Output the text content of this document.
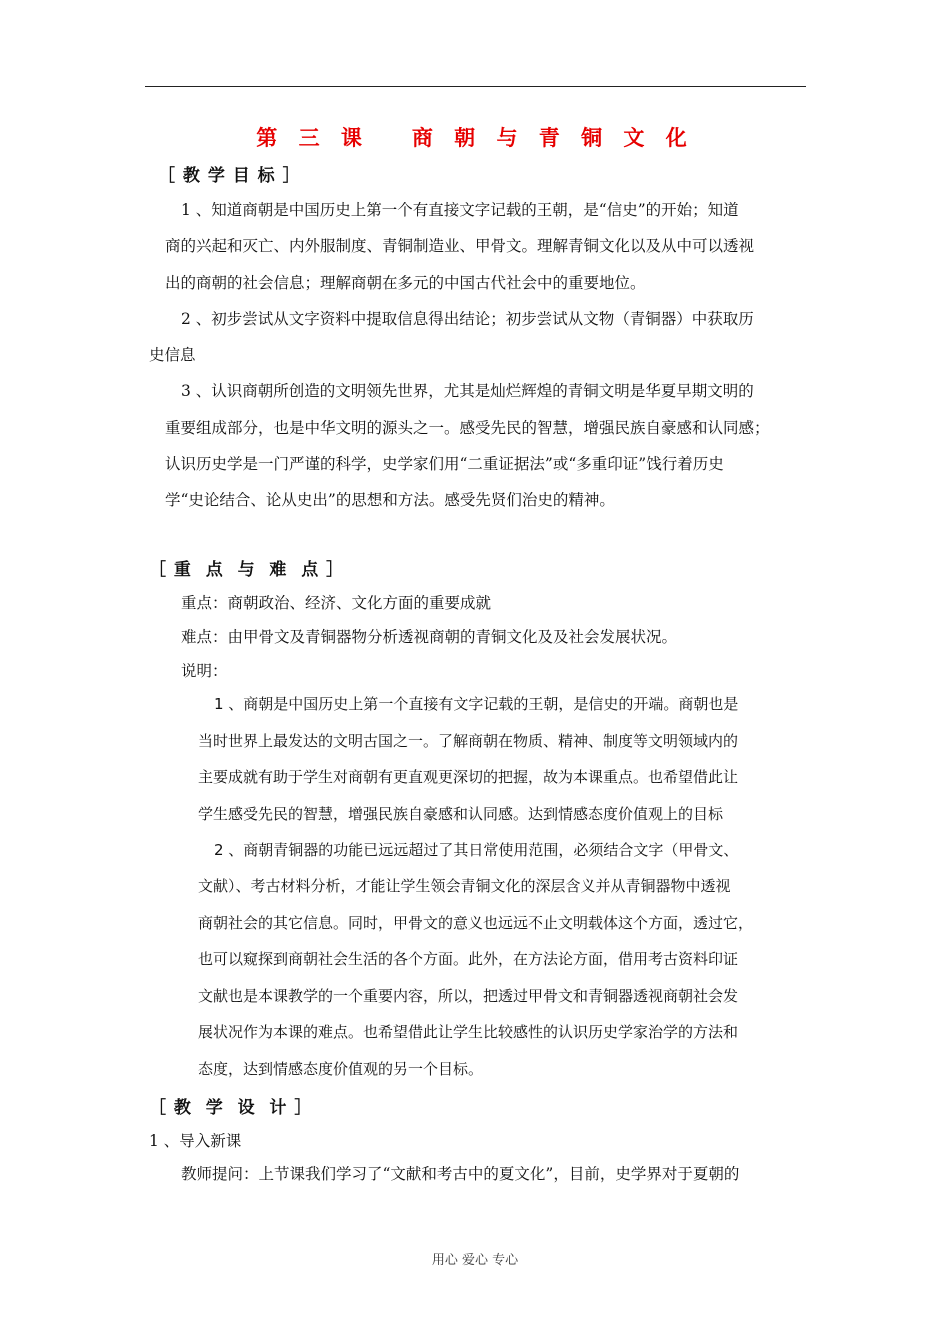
第 三 课   商 朝 与 青 铜 文 化
［ 教 学 目 标 ］
1 、知道商朝是中国历史上第一个有直接文字记载的王朝，是“信史”的开始；知道
商的兴起和灭亡、内外服制度、青铜制造业、甲骨文。理解青铜文化以及从中可以透视
出的商朝的社会信息；理解商朝在多元的中国古代社会中的重要地位。
2 、初步尝试从文字资料中提取信息得出结论；初步尝试从文物（青铜器）中获取历
史信息
3 、认识商朝所创造的文明领先世界，尤其是灿烂辉煌的青铜文明是华夏早期文明的
重要组成部分，也是中华文明的源头之一。感受先民的智慧，增强民族自豪感和认同感；
认识历史学是一门严谨的科学，史学家们用“二重证据法”或“多重印证”饯行着历史
学“史论结合、论从史出”的思想和方法。感受先贤们治史的精神。
［ 重  点  与  难  点 ］
重点：商朝政治、经济、文化方面的重要成就
难点：由甲骨文及青铜器物分析透视商朝的青铜文化及及社会发展状况。
说明：
1 、商朝是中国历史上第一个直接有文字记载的王朝，是信史的开端。商朝也是
当时世界上最发达的文明古国之一。了解商朝在物质、精神、制度等文明领域内的
主要成就有助于学生对商朝有更直观更深切的把握，故为本课重点。也希望借此让
学生感受先民的智慧，增强民族自豪感和认同感。达到情感态度价值观上的目标
2 、商朝青铜器的功能已远远超过了其日常使用范围，必须结合文字（甲骨文、
文献）、考古材料分析，才能让学生领会青铜文化的深层含义并从青铜器物中透视
商朝社会的其它信息。同时，甲骨文的意义也远远不止文明载体这个方面，透过它，
也可以窥探到商朝社会生活的各个方面。此外，在方法论方面，借用考古资料印证
文献也是本课教学的一个重要内容，所以，把透过甲骨文和青铜器透视商朝社会发
展状况作为本课的难点。也希望借此让学生比较感性的认识历史学家治学的方法和
态度，达到情感态度价值观的另一个目标。
［ 教  学  设  计 ］
1 、导入新课
教师提问：上节课我们学习了“文献和考古中的夏文化”，目前，史学界对于夏朝的
用心 爱心 专心
